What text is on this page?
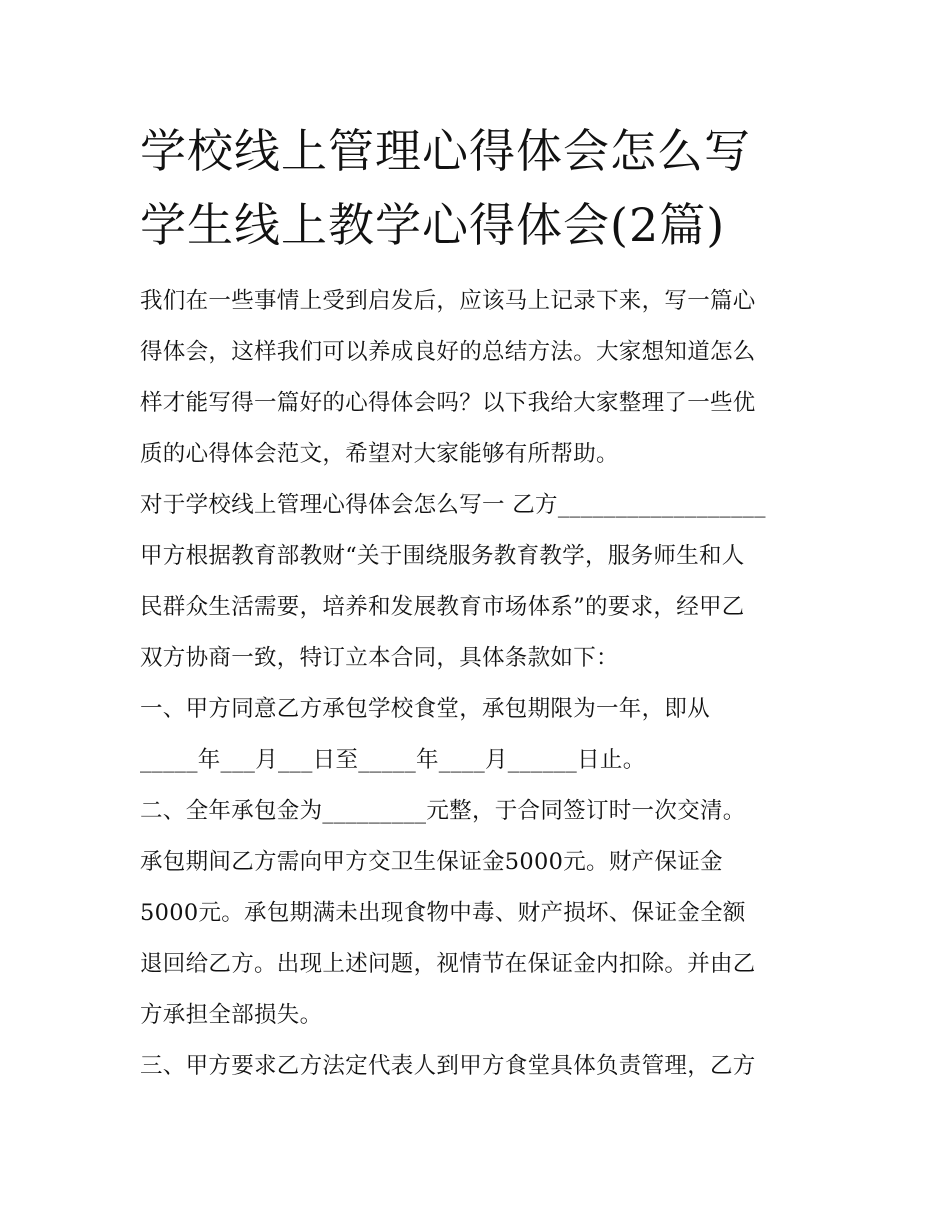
学校线上管理心得体会怎么写
学生线上教学心得体会(2篇)
我们在一些事情上受到启发后，应该马上记录下来，写一篇心
得体会，这样我们可以养成良好的总结方法。大家想知道怎么
样才能写得一篇好的心得体会吗？以下我给大家整理了一些优
质的心得体会范文，希望对大家能够有所帮助。
对于学校线上管理心得体会怎么写一 乙方__________________
甲方根据教育部教财“关于围绕服务教育教学，服务师生和人
民群众生活需要，培养和发展教育市场体系”的要求，经甲乙
双方协商一致，特订立本合同，具体条款如下：
一、甲方同意乙方承包学校食堂，承包期限为一年，即从
_____年___月___日至_____年____月______日止。
二、全年承包金为_________元整，于合同签订时一次交清。
承包期间乙方需向甲方交卫生保证金5000元。财产保证金
5000元。承包期满未出现食物中毒、财产损坏、保证金全额
退回给乙方。出现上述问题，视情节在保证金内扣除。并由乙
方承担全部损失。
三、甲方要求乙方法定代表人到甲方食堂具体负责管理，乙方
